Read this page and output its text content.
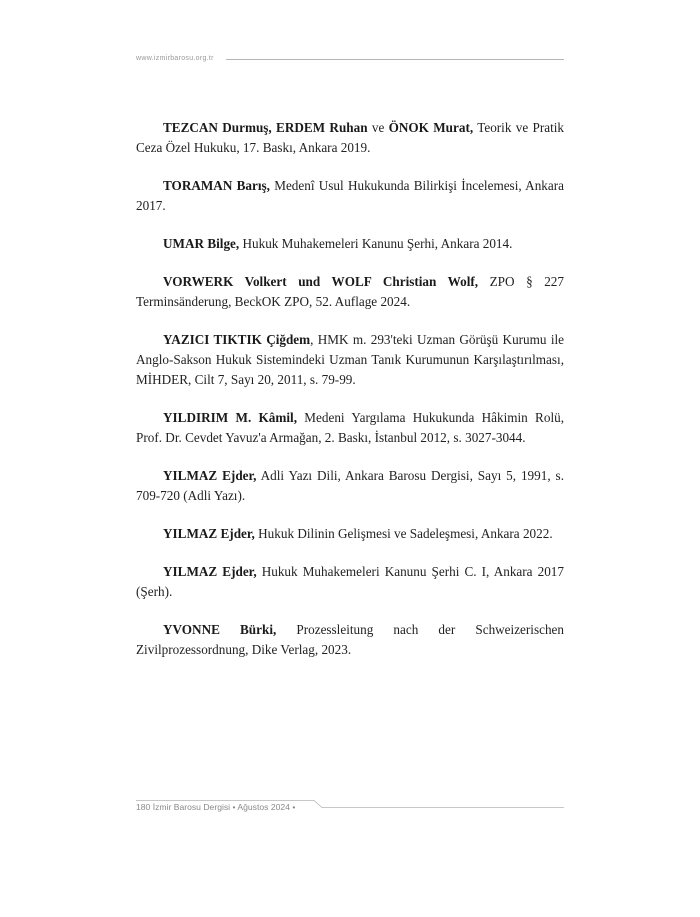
www.izmirbarosu.org.tr

TEZCAN Durmuş, ERDEM Ruhan ve ÖNOK Murat, Teorik ve Pratik Ceza Özel Hukuku, 17. Baskı, Ankara 2019.

TORAMAN Barış, Medenî Usul Hukukunda Bilirkişi İncelemesi, Ankara 2017.

UMAR Bilge, Hukuk Muhakemeleri Kanunu Şerhi, Ankara 2014.

VORWERK Volkert und WOLF Christian Wolf, ZPO § 227 Terminsänderung, BeckOK ZPO, 52. Auflage 2024.

YAZICI TIKTIK Çiğdem, HMK m. 293'teki Uzman Görüşü Kurumu ile Anglo-Sakson Hukuk Sistemindeki Uzman Tanık Kurumunun Karşılaştırılması, MİHDER, Cilt 7, Sayı 20, 2011, s. 79-99.

YILDIRIM M. Kâmil, Medeni Yargılama Hukukunda Hâkimin Rolü, Prof. Dr. Cevdet Yavuz'a Armağan, 2. Baskı, İstanbul 2012, s. 3027-3044.

YILMAZ Ejder, Adli Yazı Dili, Ankara Barosu Dergisi, Sayı 5, 1991, s. 709-720 (Adli Yazı).

YILMAZ Ejder, Hukuk Dilinin Gelişmesi ve Sadeleşmesi, Ankara 2022.

YILMAZ Ejder, Hukuk Muhakemeleri Kanunu Şerhi C. I, Ankara 2017 (Şerh).

YVONNE Bürki, Prozessleitung nach der Schweizerischen Zivilprozessordnung, Dike Verlag, 2023.

180 İzmir Barosu Dergisi • Ağustos 2024 •
